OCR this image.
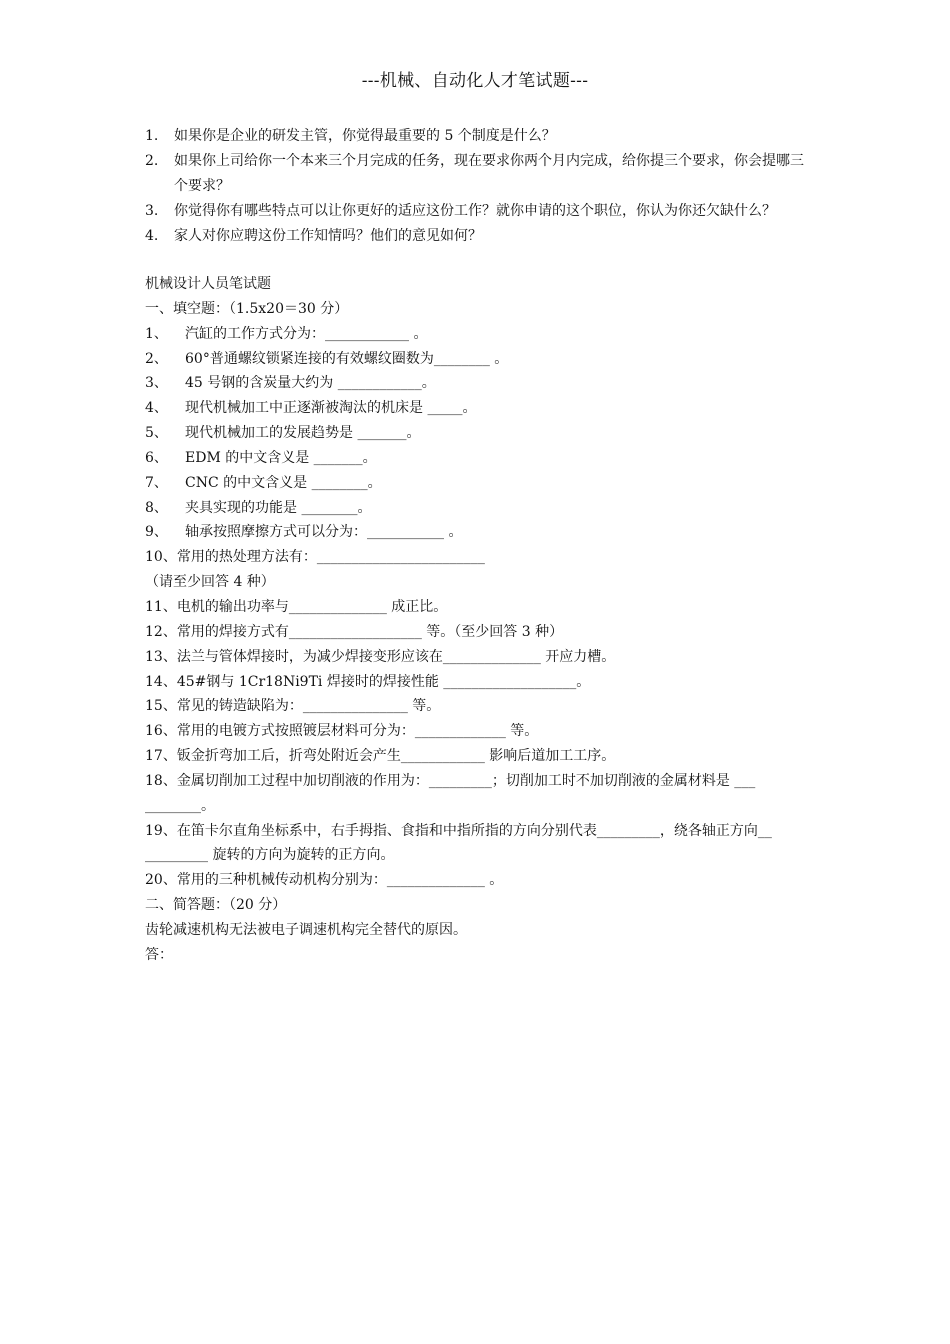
---机械、自动化人才笔试题---
1. 如果你是企业的研发主管，你觉得最重要的 5 个制度是什么？
2. 如果你上司给你一个本来三个月完成的任务，现在要求你两个月内完成，给你提三个要求，你会提哪三个要求？
3. 你觉得你有哪些特点可以让你更好的适应这份工作？就你申请的这个职位，你认为你还欠缺什么？
4. 家人对你应聘这份工作知情吗？他们的意见如何？
机械设计人员笔试题
一、填空题：（1.5x20＝30 分）
1、 汽缸的工作方式分为：____________ 。
2、 60°普通螺纹锁紧连接的有效螺纹圈数为________ 。
3、 45 号钢的含炭量大约为 ____________。
4、 现代机械加工中正逐渐被淘汰的机床是 _____。
5、 现代机械加工的发展趋势是 _______。
6、 EDM 的中文含义是 _______。
7、 CNC 的中文含义是 ________。
8、 夹具实现的功能是 ________。
9、 轴承按照摩擦方式可以分为：___________ 。
10、常用的热处理方法有：________________________
（请至少回答 4 种）
11、电机的输出功率与______________ 成正比。
12、常用的焊接方式有___________________ 等。（至少回答 3 种）
13、法兰与管体焊接时，为减少焊接变形应该在______________ 开应力槽。
14、45#钢与 1Cr18Ni9Ti 焊接时的焊接性能 ___________________。
15、常见的铸造缺陷为：_______________ 等。
16、常用的电镀方式按照镀层材料可分为：_____________ 等。
17、钣金折弯加工后，折弯处附近会产生____________ 影响后道加工工序。
18、金属切削加工过程中加切削液的作用为：_________；切削加工时不加切削液的金属材料是 ___ ________。
19、在笛卡尔直角坐标系中，右手拇指、食指和中指所指的方向分别代表_________，绕各轴正方向__ _________ 旋转的方向为旋转的正方向。
20、常用的三种机械传动机构分别为：______________ 。
二、简答题：（20 分）
齿轮减速机构无法被电子调速机构完全替代的原因。
答：
